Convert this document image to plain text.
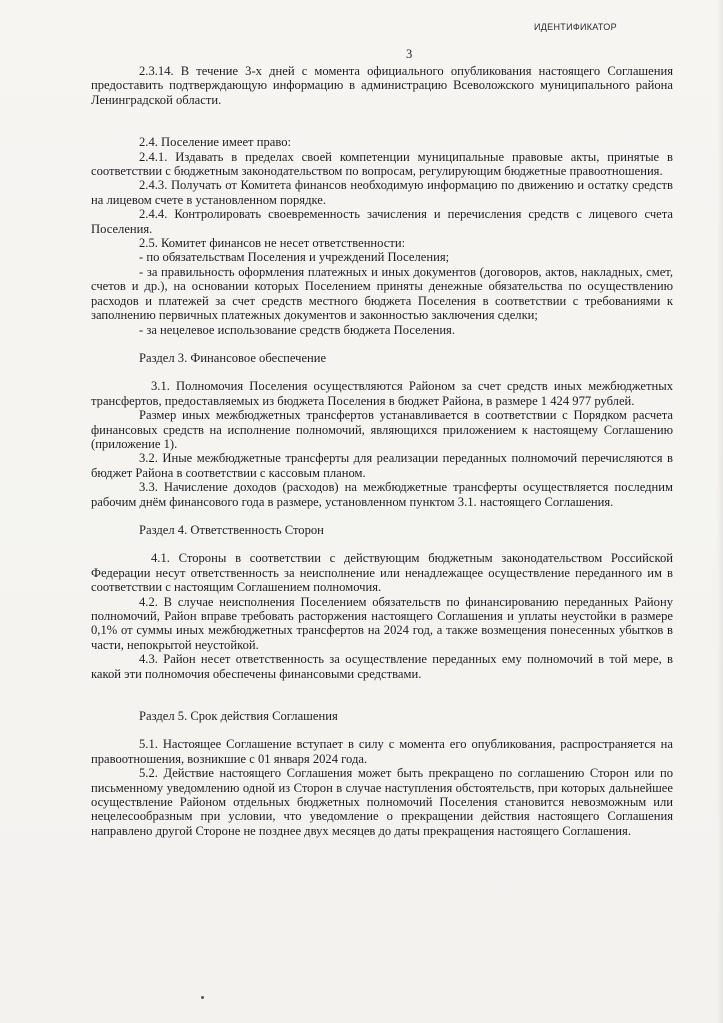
ИДЕНТИФИКАТОР
3

2.3.14. В течение 3-х дней с момента официального опубликования настоящего Соглашения предоставить подтверждающую информацию в администрацию Всеволожского муниципального района Ленинградской области.

2.4. Поселение имеет право:

2.4.1. Издавать в пределах своей компетенции муниципальные правовые акты, принятые в соответствии с бюджетным законодательством по вопросам, регулирующим бюджетные правоотношения.

2.4.3. Получать от Комитета финансов необходимую информацию по движению и остатку средств на лицевом счете в установленном порядке.

2.4.4. Контролировать своевременность зачисления и перечисления средств с лицевого счета Поселения.

2.5. Комитет финансов не несет ответственности:

- по обязательствам Поселения и учреждений Поселения;

- за правильность оформления платежных и иных документов (договоров, актов, накладных, смет, счетов и др.), на основании которых Поселением приняты денежные обязательства по осуществлению расходов и платежей за счет средств местного бюджета Поселения в соответствии с требованиями к заполнению первичных платежных документов и законностью заключения сделки;

- за нецелевое использование средств бюджета Поселения.

Раздел 3. Финансовое обеспечение

3.1. Полномочия Поселения осуществляются Районом за счет средств иных межбюджетных трансфертов, предоставляемых из бюджета Поселения в бюджет Района, в размере 1 424 977 рублей.

Размер иных межбюджетных трансфертов устанавливается в соответствии с Порядком расчета финансовых средств на исполнение полномочий, являющихся приложением к настоящему Соглашению (приложение 1).

3.2. Иные межбюджетные трансферты для реализации переданных полномочий перечисляются в бюджет Района в соответствии с кассовым планом.

3.3. Начисление доходов (расходов) на межбюджетные трансферты осуществляется последним рабочим днём финансового года в размере, установленном пунктом 3.1. настоящего Соглашения.

Раздел 4. Ответственность Сторон

4.1. Стороны в соответствии с действующим бюджетным законодательством Российской Федерации несут ответственность за неисполнение или ненадлежащее осуществление переданного им в соответствии с настоящим Соглашением полномочия.

4.2. В случае неисполнения Поселением обязательств по финансированию переданных Району полномочий, Район вправе требовать расторжения настоящего Соглашения и уплаты неустойки в размере 0,1% от суммы иных межбюджетных трансфертов на 2024 год, а также возмещения понесенных убытков в части, непокрытой неустойкой.

4.3. Район несет ответственность за осуществление переданных ему полномочий в той мере, в какой эти полномочия обеспечены финансовыми средствами.

Раздел 5. Срок действия Соглашения

5.1. Настоящее Соглашение вступает в силу с момента его опубликования, распространяется на правоотношения, возникшие с 01 января 2024 года.

5.2. Действие настоящего Соглашения может быть прекращено по соглашению Сторон или по письменному уведомлению одной из Сторон в случае наступления обстоятельств, при которых дальнейшее осуществление Районом отдельных бюджетных полномочий Поселения становится невозможным или нецелесообразным при условии, что уведомление о прекращении действия настоящего Соглашения направлено другой Стороне не позднее двух месяцев до даты прекращения настоящего Соглашения.
